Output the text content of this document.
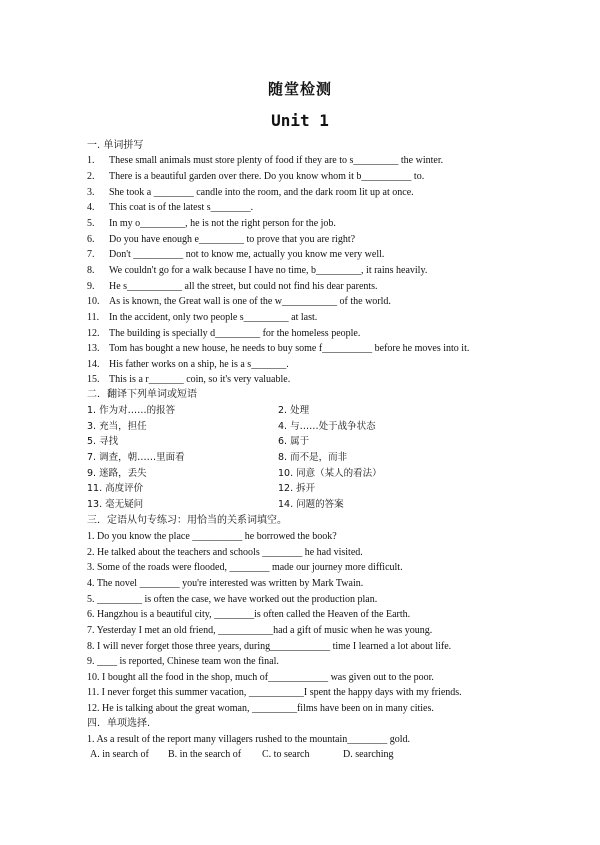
随堂检测
Unit 1
一. 单词拼写
1. These small animals must store plenty of food if they are to s_________ the winter.
2. There is a beautiful garden over there. Do you know whom it b__________ to.
3. She took a ________ candle into the room, and the dark room lit up at once.
4. This coat is of the latest s________.
5. In my o_________, he is not the right person for the job.
6. Do you have enough e_________ to prove that you are right?
7. Don't __________ not to know me, actually you know me very well.
8. We couldn't go for a walk because I have no time, b_________, it rains heavily.
9. He s___________ all the street, but could not find his dear parents.
10. As is known, the Great wall is one of the w___________ of the world.
11. In the accident, only two people s_________ at last.
12. The building is specially d_________ for the homeless people.
13. Tom has bought a new house, he needs to buy some f__________ before he moves into it.
14. His father works on a ship, he is a s_______.
15. This is a r_______ coin, so it's very valuable.
二．翻译下列单词或短语
1. 作为对……的报答
3. 充当，担任
5. 寻找
7. 调查，朝……里面看
9. 迷路，丢失
11. 高度评价
13. 毫无疑问
2. 处理
4. 与……处于战争状态
6. 属于
8. 而不是，而非
10. 同意（某人的看法）
12. 拆开
14. 问题的答案
三．定语从句专练习：用恰当的关系词填空。
1. Do you know the place __________ he borrowed the book?
2. He talked about the teachers and schools ________ he had visited.
3. Some of the roads were flooded, ________ made our journey more difficult.
4. The novel ________ you're interested was written by Mark Twain.
5. _________ is often the case, we have worked out the production plan.
6. Hangzhou is a beautiful city, ________is often called the Heaven of the Earth.
7. Yesterday I met an old friend, ___________had a gift of music when he was young.
8. I will never forget those three years, during____________ time I learned a lot about life.
9. ____ is reported, Chinese team won the final.
10. I bought all the food in the shop, much of____________ was given out to the poor.
11. I never forget this summer vacation, ___________I spent the happy days with my friends.
12. He is talking about the great woman, _________films have been on in many cities.
四．单项选择.
1. As a result of the report many villagers rushed to the mountain________ gold.
A. in search of B. in the search of C. to search	D. searching
